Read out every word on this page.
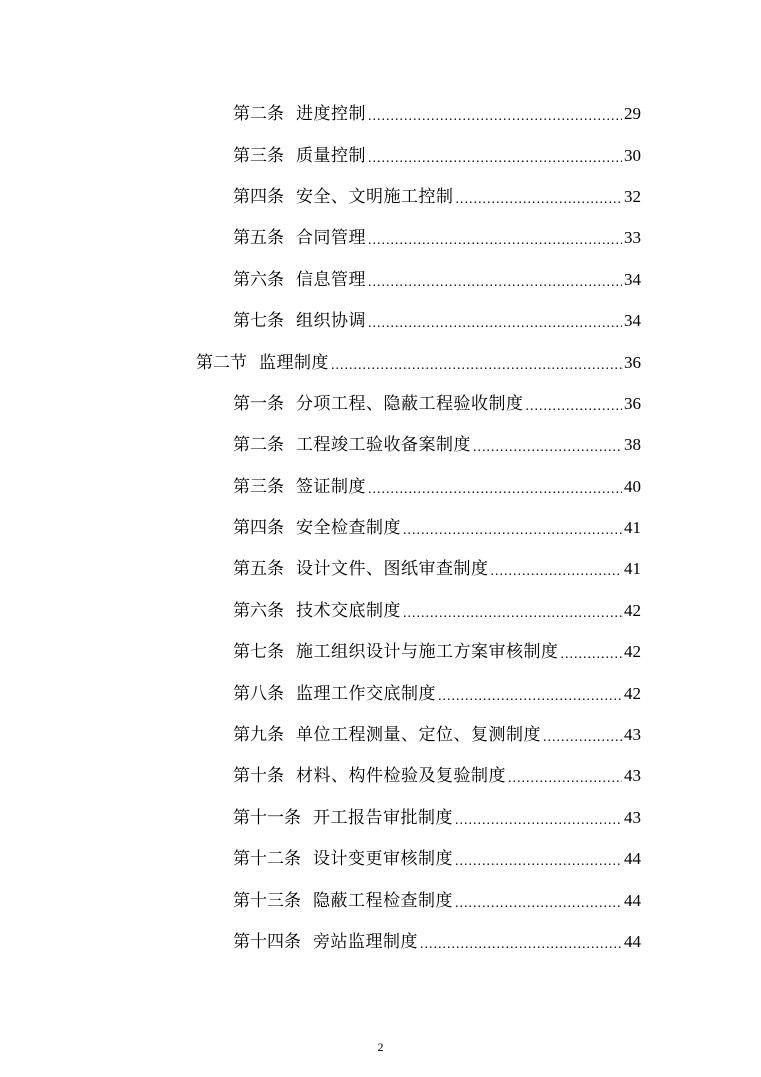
第二条 进度控制 .....	29
第三条 质量控制 .....	30
第四条 安全、文明施工控制 .....	32
第五条 合同管理 .....	33
第六条 信息管理 .....	34
第七条 组织协调 .....	34
第二节 监理制度 .....	36
第一条 分项工程、隐蔽工程验收制度 .....	36
第二条 工程竣工验收备案制度 .....	38
第三条 签证制度 .....	40
第四条 安全检查制度 .....	41
第五条 设计文件、图纸审查制度 .....	41
第六条 技术交底制度 .....	42
第七条 施工组织设计与施工方案审核制度 .....	42
第八条 监理工作交底制度 .....	42
第九条 单位工程测量、定位、复测制度 .....	43
第十条 材料、构件检验及复验制度 .....	43
第十一条 开工报告审批制度 .....	43
第十二条 设计变更审核制度 .....	44
第十三条 隐蔽工程检查制度 .....	44
第十四条 旁站监理制度 .....	44
2
